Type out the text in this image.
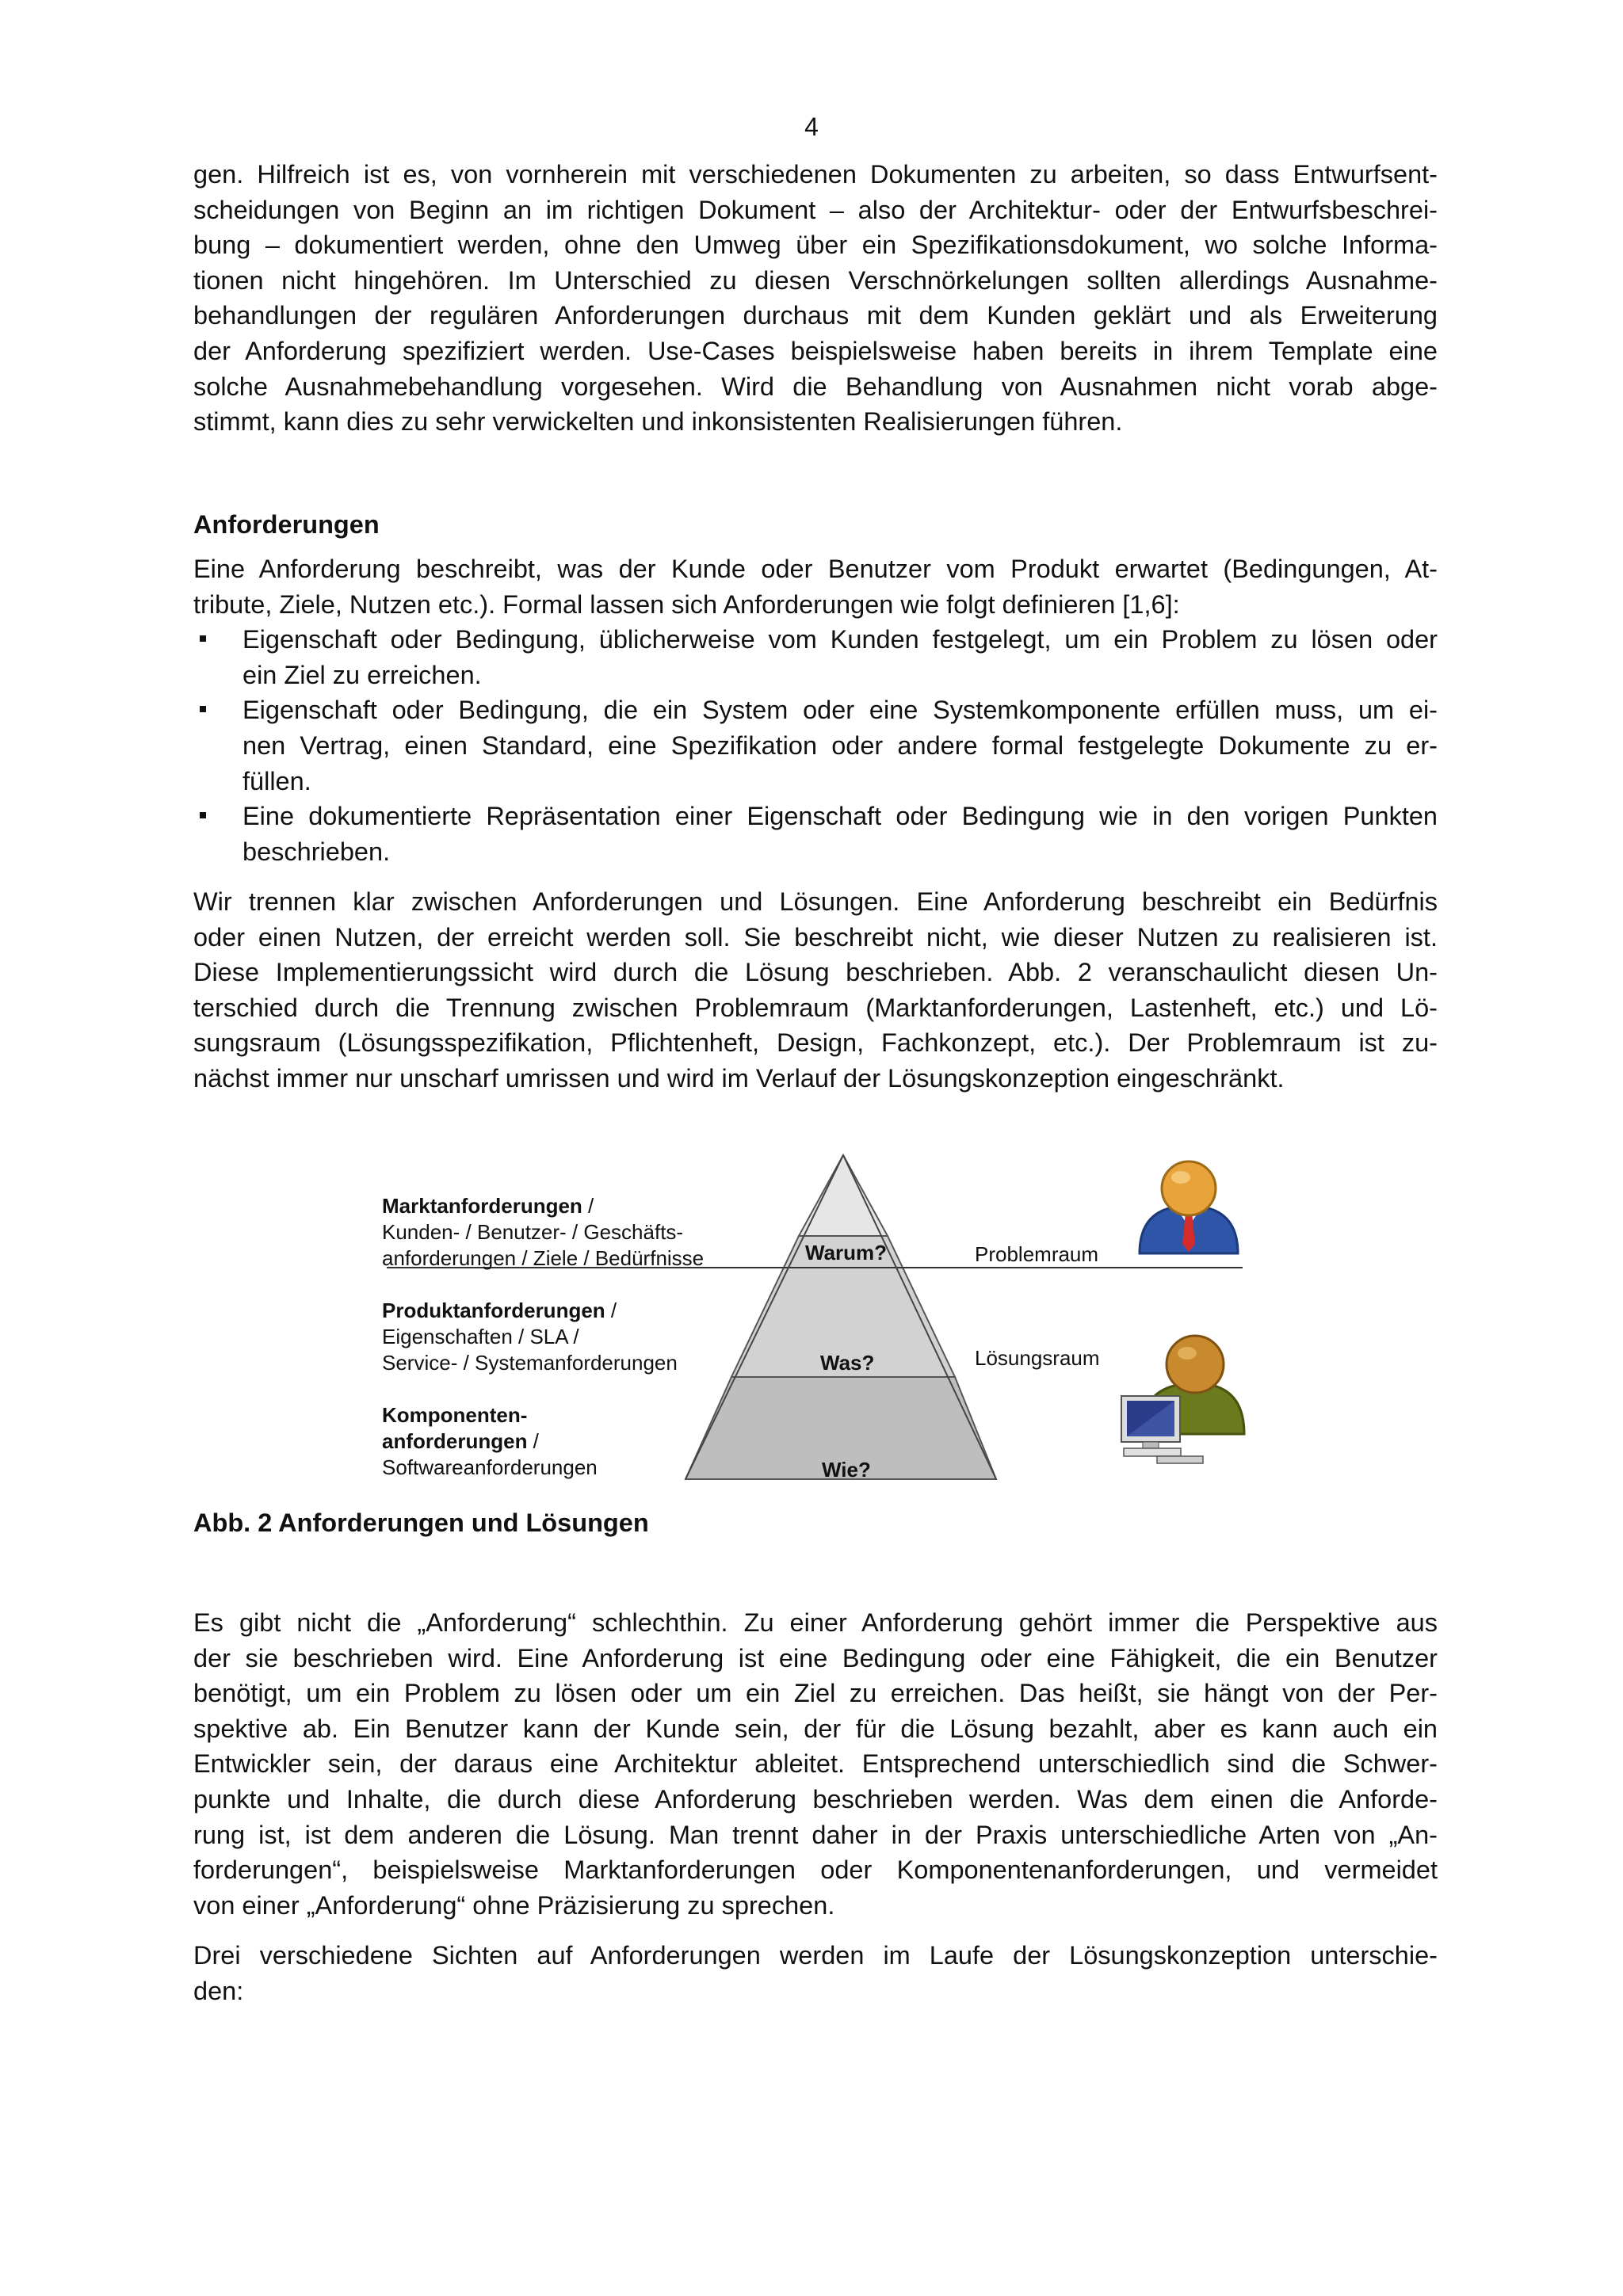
4

gen. Hilfreich ist es, von vornherein mit verschiedenen Dokumenten zu arbeiten, so dass Entwurfsent-
scheidungen von Beginn an im richtigen Dokument – also der Architektur- oder der Entwurfsbeschrei-
bung – dokumentiert werden, ohne den Umweg über ein Spezifikationsdokument, wo solche Informa-
tionen nicht hingehören. Im Unterschied zu diesen Verschnörkelungen sollten allerdings Ausnahme-
behandlungen der regulären Anforderungen durchaus mit dem Kunden geklärt und als Erweiterung
der Anforderung spezifiziert werden. Use-Cases beispielsweise haben bereits in ihrem Template eine
solche Ausnahmebehandlung vorgesehen. Wird die Behandlung von Ausnahmen nicht vorab abge-
stimmt, kann dies zu sehr verwickelten und inkonsistenten Realisierungen führen.

Anforderungen

Eine Anforderung beschreibt, was der Kunde oder Benutzer vom Produkt erwartet (Bedingungen, At-
tribute, Ziele, Nutzen etc.). Formal lassen sich Anforderungen wie folgt definieren [1,6]:

Eigenschaft oder Bedingung, üblicherweise vom Kunden festgelegt, um ein Problem zu lösen oder
ein Ziel zu erreichen.
Eigenschaft oder Bedingung, die ein System oder eine Systemkomponente erfüllen muss, um ei-
nen Vertrag, einen Standard, eine Spezifikation oder andere formal festgelegte Dokumente zu er-
füllen.
Eine dokumentierte Repräsentation einer Eigenschaft oder Bedingung wie in den vorigen Punkten
beschrieben.

Wir trennen klar zwischen Anforderungen und Lösungen. Eine Anforderung beschreibt ein Bedürfnis
oder einen Nutzen, der erreicht werden soll. Sie beschreibt nicht, wie dieser Nutzen zu realisieren ist.
Diese Implementierungssicht wird durch die Lösung beschrieben. Abb. 2 veranschaulicht diesen Un-
terschied durch die Trennung zwischen Problemraum (Marktanforderungen, Lastenheft, etc.) und Lö-
sungsraum (Lösungsspezifikation, Pflichtenheft, Design, Fachkonzept, etc.). Der Problemraum ist zu-
nächst immer nur unscharf umrissen und wird im Verlauf der Lösungskonzeption eingeschränkt.

Marktanforderungen /
Kunden- / Benutzer- / Geschäfts-
anforderungen / Ziele / Bedürfnisse	Warum?	Problemraum
Produktanforderungen /
Eigenschaften / SLA /
Service- / Systemanforderungen	Was?	Lösungsraum
Komponenten-
anforderungen /
Softwareanforderungen	Wie?
Abb. 2 Anforderungen und Lösungen

Es gibt nicht die „Anforderung“ schlechthin. Zu einer Anforderung gehört immer die Perspektive aus
der sie beschrieben wird. Eine Anforderung ist eine Bedingung oder eine Fähigkeit, die ein Benutzer
benötigt, um ein Problem zu lösen oder um ein Ziel zu erreichen. Das heißt, sie hängt von der Per-
spektive ab. Ein Benutzer kann der Kunde sein, der für die Lösung bezahlt, aber es kann auch ein
Entwickler sein, der daraus eine Architektur ableitet. Entsprechend unterschiedlich sind die Schwer-
punkte und Inhalte, die durch diese Anforderung beschrieben werden. Was dem einen die Anforde-
rung ist, ist dem anderen die Lösung. Man trennt daher in der Praxis unterschiedliche Arten von „An-
forderungen“, beispielsweise Marktanforderungen oder Komponentenanforderungen, und vermeidet
von einer „Anforderung“ ohne Präzisierung zu sprechen.

Drei verschiedene Sichten auf Anforderungen werden im Laufe der Lösungskonzeption unterschie-
den:
